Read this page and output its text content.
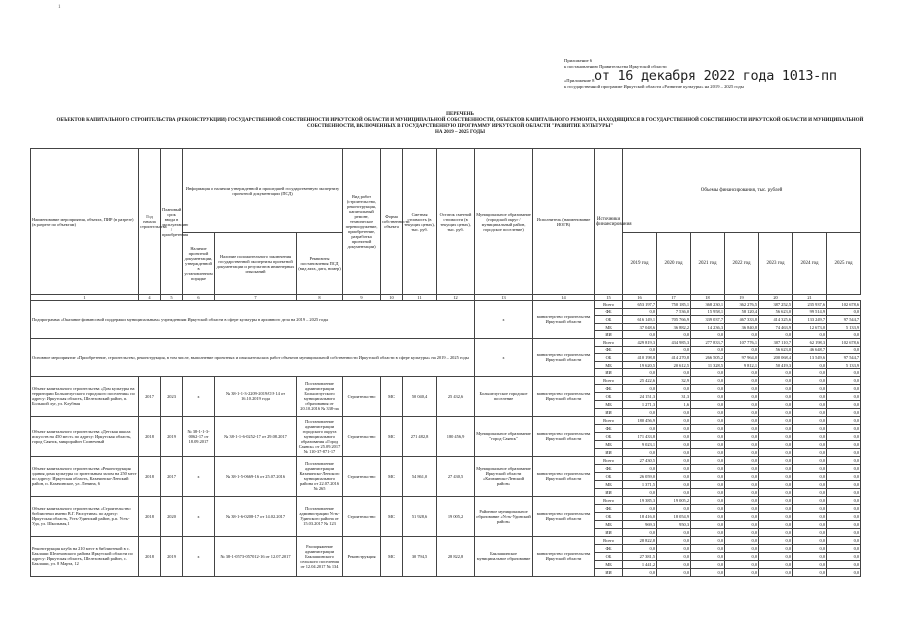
1
Приложение 6
к постановлению Правительства Иркутской области
«Приложение 8
к государственной программе Иркутской области «Развитие культуры» на 2019 – 2025 годы
от 16 декабря 2022 года 1013-пп
ПЕРЕЧЕНЬ
ОБЪЕКТОВ КАПИТАЛЬНОГО СТРОИТЕЛЬСТВА (РЕКОНСТРУКЦИИ) ГОСУДАРСТВЕННОЙ СОБСТВЕННОСТИ ИРКУТСКОЙ ОБЛАСТИ И МУНИЦИПАЛЬНОЙ СОБСТВЕННОСТИ, ОБЪЕКТОВ КАПИТАЛЬНОГО РЕМОНТА, НАХОДЯЩИХСЯ В ГОСУДАРСТВЕННОЙ СОБСТВЕННОСТИ ИРКУТСКОЙ ОБЛАСТИ И МУНИЦИПАЛЬНОЙ СОБСТВЕННОСТИ, ВКЛЮЧЕННЫХ В ГОСУДАРСТВЕННУЮ ПРОГРАММУ ИРКУТСКОЙ ОБЛАСТИ "РАЗВИТИЕ КУЛЬТУРЫ"
НА 2019 – 2025 ГОДЫ
Наименование мероприятия, объекта, ПИР (в разрезе) (в разрезе по объектам)	Год начала строительства	Плановый срок ввода в эксплуатацию / приобретения	Информация о наличии утвержденной и прошедшей государственную экспертизу проектной документации (ПСД)			Вид работ (строительство, реконструкция, капитальный ремонт, техническое перевооружение, приобретение, разработка проектной документации)	Форма собственности объекта	Сметная стоимость (в текущих ценах), тыс. руб.	Остаток сметной стоимости (в текущих ценах), тыс. руб.	Муниципальное образование (городской округ / муниципальный район, городское поселение)	Исполнитель (наименование ИОГВ)	Источники финансирования	Объемы финансирования, тыс. рублей						
			Наличие проектной документации, утвержденной в установленном порядке	Наличие положительного заключения государственной экспертизы проектной документации и результатов инженерных изысканий	Реквизиты постановления ПСД (вид акта, дата, номер)								2019 год	2020 год	2021 год	2022 год	2023 год	2024 год	2025 год
1	4	5	6	7	8	9	10	11	12	13	14	15	16	17	18	19	20	21	
Подпрограмма «Оказание финансовой поддержки муниципальным» учреждениям Иркутской области в сфере культуры в архивного дела на 2019 – 2025 годы										x	министерство строительства Иркутской области	Всего	653 197,7	750 185,1	368 230,1	362 276,5	387 252,5	235 937,6	102 678,6
												ФБ	0,0	7 536,0	15 958,1	58 120,4	56 623,0	99 514,9	0,0
												ОБ	616 149,1	705 766,9	339 037,7	467 333,8	414 325,6	133 249,7	97 544,7
												МБ	37 048,6	36 882,2	14 236,3	36 840,8	74 463,9	12 673,0	5 133,9
												ИИ	0,0	0,0	0,0	0,0	0,0	0,0	0,0
Основное мероприятие «Приобретение, строительство, реконструкция, в том числе, выполнение проектных и изыскательских работ объектов муниципальной собственности Иркутской области в сфере культуры» на 2019 – 2025 годы										x	министерство строительства Иркутской области	Всего	429 819,3	434 985,3	277 833,7	107 776,1	307 110,7	62 198,3	102 678,6
												ФБ	0,0	0,0	0,0	0,0	56 623,0	46 648,7	0,0
												ОБ	410 198,8	414 270,8	266 505,2	97 964,0	200 068,4	13 549,6	97 544,7
												МБ	19 620,5	20 612,5	11 328,5	9 812,1	50 419,3	0,0	5 133,9
												ИИ	0,0	0,0	0,0	0,0	0,0	0,0	0,0
Объект капитального строительства «Дом культуры на территории Большелугского городского поселения» по адресу: Иркутская область, Шелеховский район, п. Большой луг, ул. Клубная	2017	2023	x	№ 38-1-1-3-2209-2019/ОЭ 14 от 16.10.2019 года	Постановление администрации Большелугского муниципального образования от 20.10.2016 № 338-па	Строительство	МС	50 040,4	25 432,6	Большелугское городское поселение	министерство строительства Иркутской области	Всего	25 422,6	32,9	0,0	0,0	0,0	0,0	0,0
												ФБ	0,0	0,0	0,0	0,0	0,0	0,0	0,0
												ОБ	24 151,3	31,3	0,0	0,0	0,0	0,0	0,0
												МБ	1 271,3	1,6	0,0	0,0	0,0	0,0	0,0
												ИИ	0,0	0,0	0,0	0,0	0,0	0,0	0,0
Объект капитального строительства «Детская школа искусств на 450 мест» по адресу: Иркутская область, город Саянск, микрорайон Солнечный	2018	2019	№ 38-1-1-3-0062-17 от 18.09.2017	№ 38-1-1-6-0252-17 от 29.08.2017	Постановление администрации городского округа муниципального образования «Город Саянск» от 25.09.2017 № 110-37-871-17	Строительство	МС	271 482,8	180 456,9	Муниципальное образование "город Саянск"	министерство строительства Иркутской области	Всего	180 456,9	0,0	0,0	0,0	0,0	0,0	0,0
												ФБ	0,0	0,0	0,0	0,0	0,0	0,0	0,0
												ОБ	171 433,8	0,0	0,0	0,0	0,0	0,0	0,0
												МБ	9 023,1	0,0	0,0	0,0	0,0	0,0	0,0
												ИИ	0,0	0,0	0,0	0,0	0,0	0,0	0,0
Объект капитального строительства «Реконструкция здания дома культуры со зрительным залом на 250 мест по адресу: Иркутская область, Казачинско-Ленский район, п. Казачинское, ул. Ленина, 6	2018	2017	x	№ 38-1-5-0669-16 от 25.07.2016	Постановление администрации Казачинско-Ленского муниципального района от 22.07.2016 № 265	Строительство	МС	54 861,0	27 430,5	Муниципальное образование Иркутской области «Казачинско-Ленский район»	министерство строительства Иркутской области	Всего	27 430,5	0,0	0,0	0,0	0,0	0,0	0,0
												ФБ	0,0	0,0	0,0	0,0	0,0	0,0	0,0
												ОБ	26 059,0	0,0	0,0	0,0	0,0	0,0	0,0
												МБ	1 371,5	0,0	0,0	0,0	0,0	0,0	0,0
												ИИ	0,0	0,0	0,0	0,0	0,0	0,0	0,0
Объект капитального строительства «Строительство библиотеки имени В.Г. Распутина» по адресу: Иркутская область, Усть-Удинский район, р.п. Усть-Уда, ул. Школьная,1	2018	2020	x	№ 38-1-6-0208-17 от 14.02.2017	Постановление администрации Усть-Удинского района от 15.03.2017 № 123	Строительство	МС	51 928,6	19 005,2	Районное муниципальное образование «Усть-Удинский район»	министерство строительства Иркутской области	Всего	19 385,3	19 005,2	0,0	0,0	0,0	0,0	0,0
												ФБ	0,0	0,0	0,0	0,0	0,0	0,0	0,0
												ОБ	18 416,0	18 054,9	0,0	0,0	0,0	0,0	0,0
												МБ	969,3	950,3	0,0	0,0	0,0	0,0	0,0
												ИИ	0,0	0,0	0,0	0,0	0,0	0,0	0,0
Реконструкция клуба на 210 мест в библиотекой в с. Баклаши Шелеховского района Иркутской области по адресу: Иркутская область, Шелеховский район, с. Баклаши, ул. 8 Марта, 12	2018	2019	x	№ 38-1-0573-057012-16 от 12.07.2017	Распоряжение администрации Баклашинского сельского поселения от 12.04.2017 № 134	Реконструкция	МС	30 794,5	28 822,8	Баклашинское муниципальное образование	министерство строительства Иркутской области	Всего	28 822,8	0,0	0,0	0,0	0,0	0,0	0,0
												ФБ	0,0	0,0	0,0	0,0	0,0	0,0	0,0
												ОБ	27 381,5	0,0	0,0	0,0	0,0	0,0	0,0
												МБ	1 441,2	0,0	0,0	0,0	0,0	0,0	0,0
												ИИ	0,0	0,0	0,0	0,0	0,0	0,0	0,0
